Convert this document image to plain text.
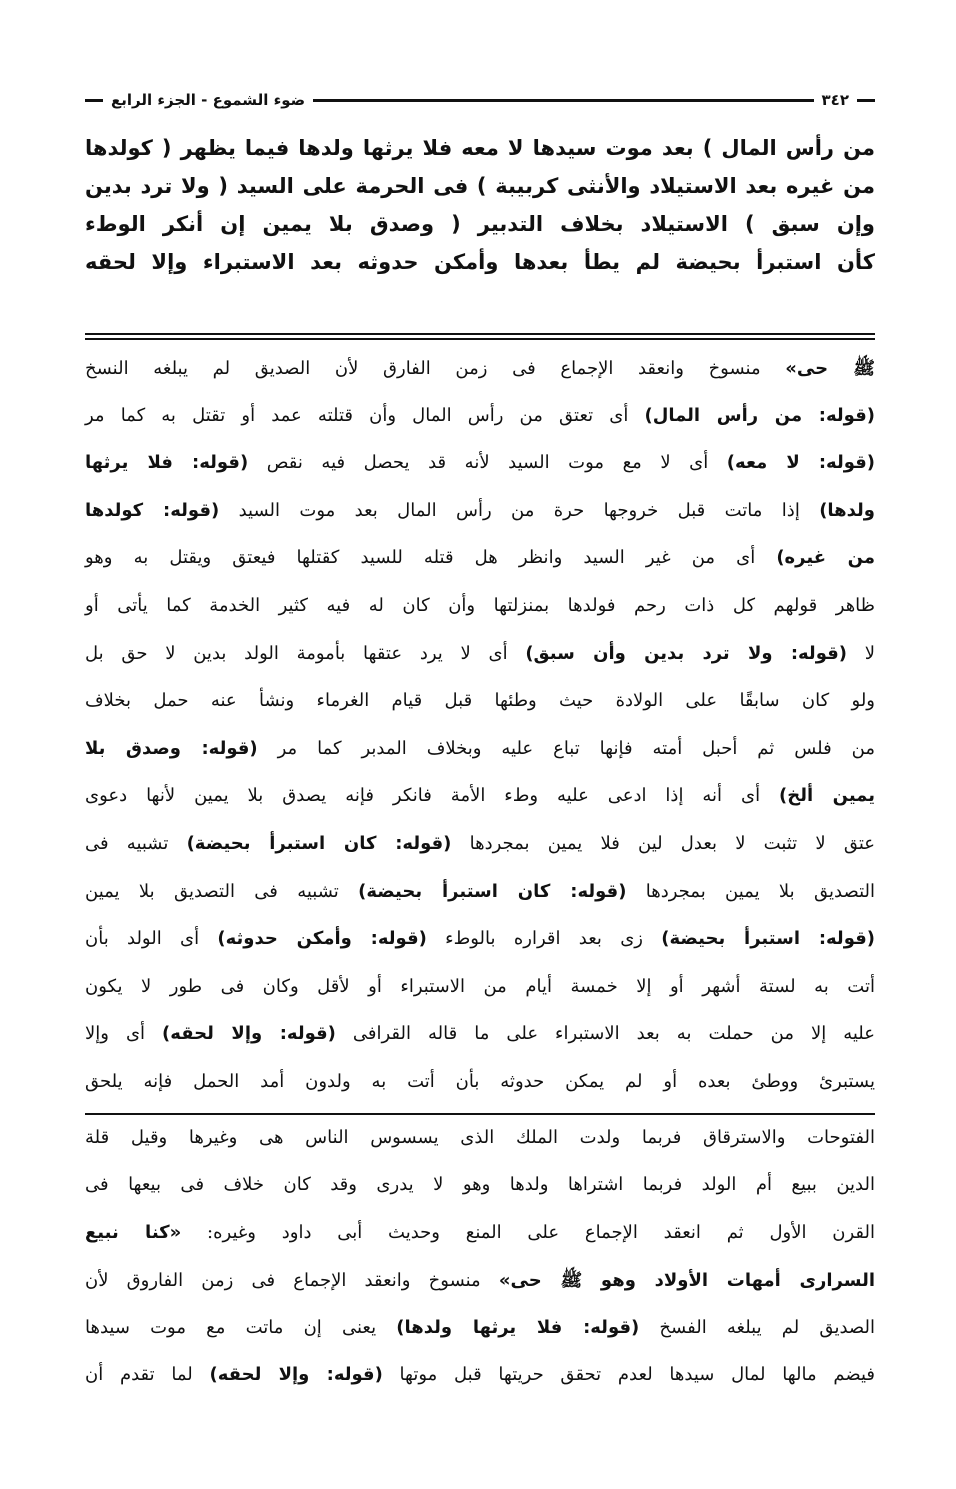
٣٤٢
ضوء الشموع - الجزء الرابع
من رأس المال ) بعد موت سيدها لا معه فلا يرثها ولدها فيما يظهر ( كولدها
من غيره بعد الاستيلاد والأنثى كربيبة ) فى الحرمة على السيد ( ولا ترد بدين
وإن سبق ) الاستيلاد بخلاف التدبير ( وصدق بلا يمين إن أنكر الوطء
كأن استبرأ بحيضة لم يطأ بعدها وأمكن حدوثه بعد الاستبراء وإلا لحقه
ﷺ حى» منسوخ وانعقد الإجماع فى زمن الفارق لأن الصديق لم يبلغه النسخ
(قوله: من رأس المال) أى تعتق من رأس المال وأن قتلته عمد أو تقتل به كما مر
(قوله: لا معه) أى لا مع موت السيد لأنه قد يحصل فيه نقص (قوله: فلا يرثها
ولدها) إذا ماتت قبل خروجها حرة من رأس المال بعد موت السيد (قوله: كولدها
من غيره) أى من غير السيد وانظر هل قتله للسيد كقتلها فيعتق ويقتل به وهو
ظاهر قولهم كل ذات رحم فولدها بمنزلتها وأن كان له فيه كثير الخدمة كما يأتى أو
لا (قوله: ولا ترد بدين وأن سبق) أى لا يرد عتقها بأمومة الولد بدين لا حق بل
ولو كان سابقًا على الولادة حيث وطئها قبل قيام الغرماء ونشأ عنه حمل بخلاف
من فلس ثم أحبل أمته فإنها تباع عليه وبخلاف المدبر كما مر (قوله: وصدق بلا
يمين ألخ) أى أنه إذا ادعى عليه وطء الأمة فانكر فإنه يصدق بلا يمين لأنها دعوى
عتق لا تثبت لا بعدل لين فلا يمين بمجردها (قوله: كان استبرأ بحيضة) تشبيه فى
التصديق بلا يمين بمجردها (قوله: كان استبرأ بحيضة) تشبيه فى التصديق بلا يمين
(قوله: استبرأ بحيضة) زى بعد اقراره بالوطء (قوله: وأمكن حدوثه) أى الولد بأن
أتت به لستة أشهر أو إلا خمسة أيام من الاستبراء أو لأقل وكان فى طور لا يكون
عليه إلا من حملت به بعد الاستبراء على ما قاله القرافى (قوله: وإلا لحقه) أى وإلا
يستبرئ ووطئ بعده أو لم يمكن حدوثه بأن أتت به ولدون أمد الحمل فإنه يلحق
الفتوحات والاسترقاق فربما ولدت الملك الذى يسسوس الناس هى وغيرها وقيل قلة
الدين ببيع أم الولد فربما اشتراها ولدها وهو لا يدرى وقد كان خلاف فى بيعها فى
القرن الأول ثم انعقد الإجماع على المنع وحديث أبى داود وغيره: «كنا نبيع
السرارى أمهات الأولاد وهو ﷺ حى» منسوخ وانعقد الإجماع فى زمن الفاروق لأن
الصديق لم يبلغه الفسخ (قوله: فلا يرثها ولدها) يعنى إن ماتت مع موت سيدها
فيضم مالها لمال سيدها لعدم تحقق حريتها قبل موتها (قوله: وإلا لحقه) لما تقدم أن
